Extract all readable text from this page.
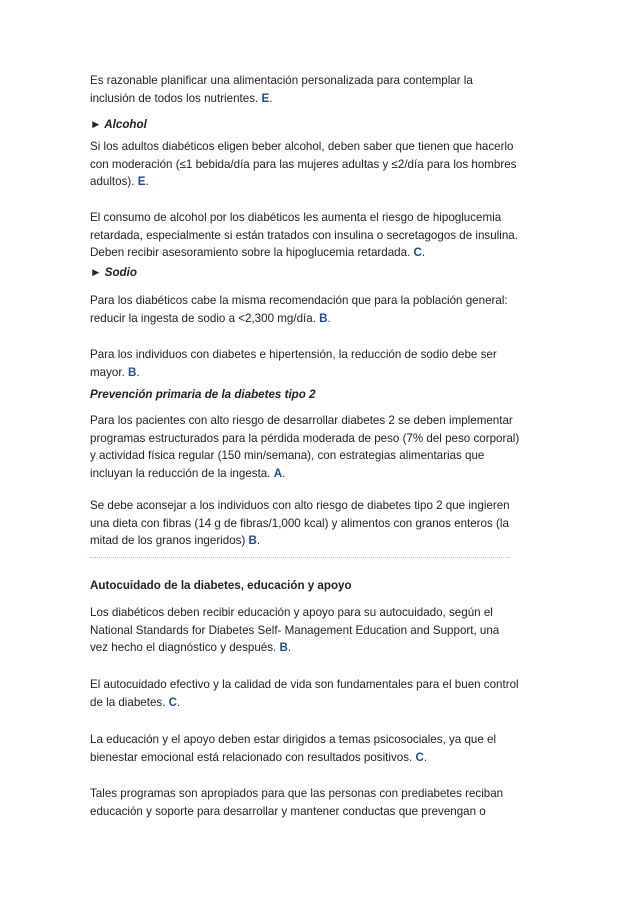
Es razonable planificar una alimentación personalizada para contemplar la inclusión de todos los nutrientes. E.

► Alcohol

Si los adultos diabéticos eligen beber alcohol, deben saber que tienen que hacerlo con moderación (≤1 bebida/día para las mujeres adultas y ≤2/día para los hombres adultos). E.

El consumo de alcohol por los diabéticos les aumenta el riesgo de hipoglucemia retardada, especialmente si están tratados con insulina o secretagogos de insulina. Deben recibir asesoramiento sobre la hipoglucemia retardada. C.

► Sodio

Para los diabéticos cabe la misma recomendación que para la población general: reducir la ingesta de sodio a <2,300 mg/día. B.

Para los individuos con diabetes e hipertensión, la reducción de sodio debe ser mayor. B.

Prevención primaria de la diabetes tipo 2

Para los pacientes con alto riesgo de desarrollar diabetes 2 se deben implementar programas estructurados para la pérdida moderada de peso (7% del peso corporal) y actividad física regular (150 min/semana), con estrategias alimentarias que incluyan la reducción de la ingesta. A.

Se debe aconsejar a los individuos con alto riesgo de diabetes tipo 2 que ingieren una dieta con fibras (14 g de fibras/1,000 kcal) y alimentos con granos enteros (la mitad de los granos ingeridos) B.

Autocuidado de la diabetes, educación y apoyo

Los diabéticos deben recibir educación y apoyo para su autocuidado, según el National Standards for Diabetes Self- Management Education and Support, una vez hecho el diagnóstico y después. B.

El autocuidado efectivo y la calidad de vida son fundamentales para el buen control de la diabetes. C.

La educación y el apoyo deben estar dirigidos a temas psicosociales, ya que el bienestar emocional está relacionado con resultados positivos. C.

Tales programas son apropiados para que las personas con prediabetes reciban educación y soporte para desarrollar y mantener conductas que prevengan o
